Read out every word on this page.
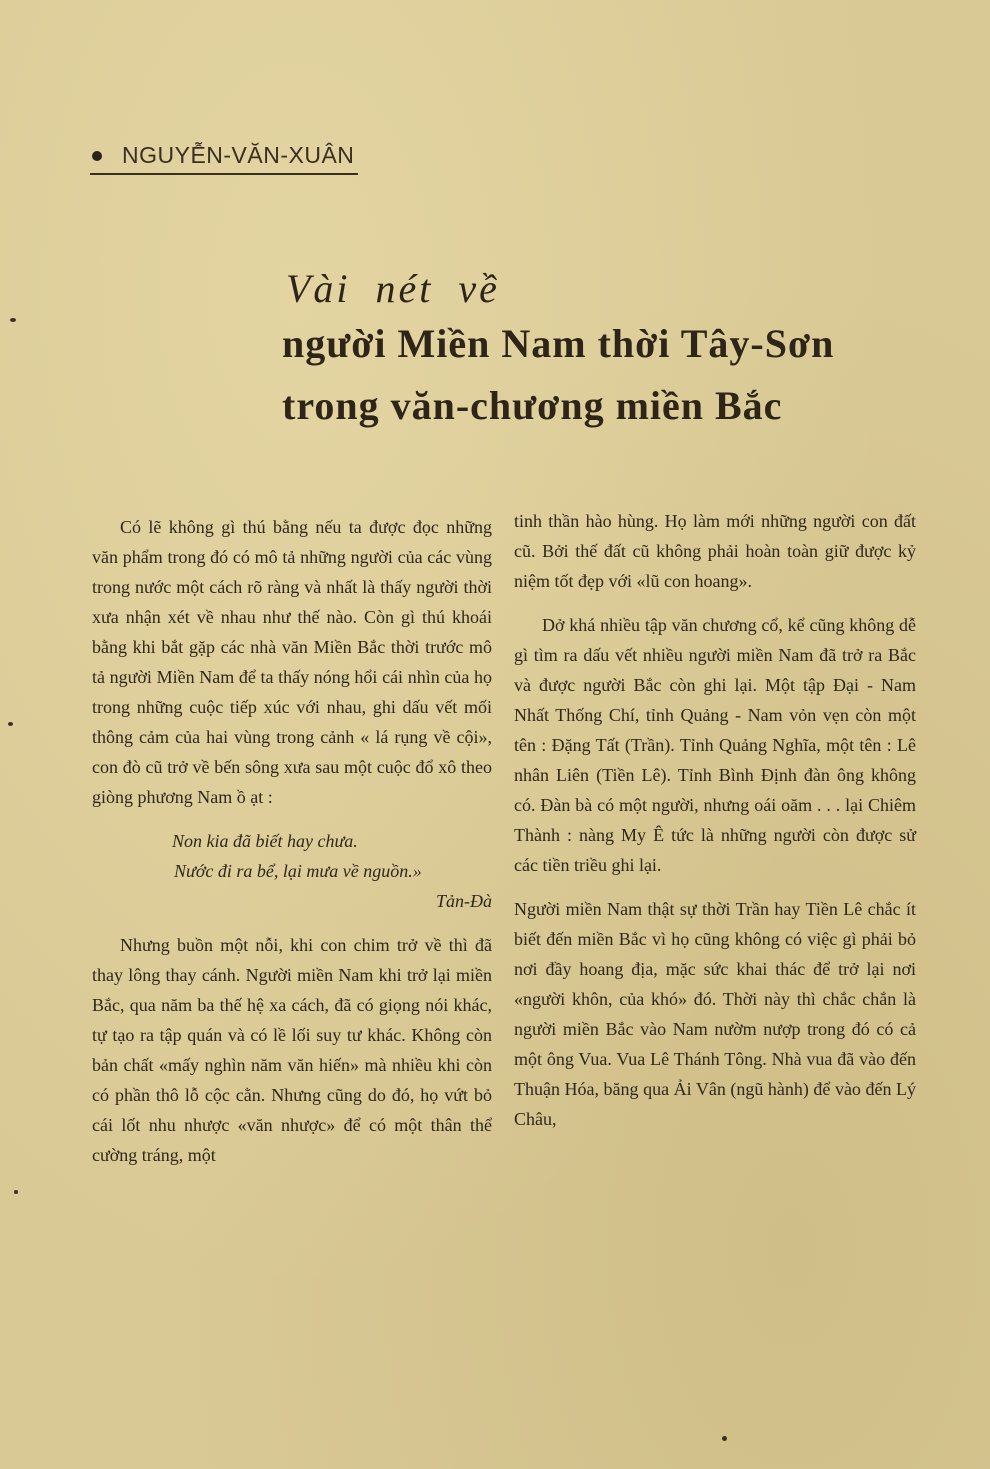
NGUYỄN-VĂN-XUÂN
Vài nét về
người Miền Nam thời Tây-Sơn
trong văn-chương miền Bắc

Có lẽ không gì thú bằng nếu ta được đọc những văn phẩm trong đó có mô tả những người của các vùng trong nước một cách rõ ràng và nhất là thấy người thời xưa nhận xét về nhau như thế nào. Còn gì thú khoái bằng khi bắt gặp các nhà văn Miền Bắc thời trước mô tả người Miền Nam để ta thấy nóng hổi cái nhìn của họ trong những cuộc tiếp xúc với nhau, ghi dấu vết mối thông cảm của hai vùng trong cảnh « lá rụng về cội», con đò cũ trở về bến sông xưa sau một cuộc đổ xô theo giòng phương Nam ồ ạt :

Non kia đã biết hay chưa.
Nước đi ra bể, lại mưa về nguồn.»
Tản-Đà

Nhưng buồn một nỗi, khi con chim trở về thì đã thay lông thay cánh. Người miền Nam khi trở lại miền Bắc, qua năm ba thế hệ xa cách, đã có giọng nói khác, tự tạo ra tập quán và có lề lối suy tư khác. Không còn bản chất «mấy nghìn năm văn hiến» mà nhiều khi còn có phần thô lỗ cộc cằn. Nhưng cũng do đó, họ vứt bỏ cái lốt nhu nhược «văn nhược» để có một thân thể cường tráng, một

tinh thần hào hùng. Họ làm mới những người con đất cũ. Bởi thế đất cũ không phải hoàn toàn giữ được kỷ niệm tốt đẹp với «lũ con hoang».

Dở khá nhiều tập văn chương cổ, kể cũng không dễ gì tìm ra dấu vết nhiều người miền Nam đã trở ra Bắc và được người Bắc còn ghi lại. Một tập Đại - Nam Nhất Thống Chí, tỉnh Quảng - Nam vỏn vẹn còn một tên : Đặng Tất (Trần). Tỉnh Quảng Nghĩa, một tên : Lê nhân Liên (Tiền Lê). Tỉnh Bình Định đàn ông không có. Đàn bà có một người, nhưng oái oăm . . . lại Chiêm Thành : nàng My Ê tức là những người còn được sử các tiền triều ghi lại.

Người miền Nam thật sự thời Trần hay Tiền Lê chắc ít biết đến miền Bắc vì họ cũng không có việc gì phải bỏ nơi đầy hoang địa, mặc sức khai thác để trở lại nơi «người khôn, của khó» đó. Thời này thì chắc chắn là người miền Bắc vào Nam nườm nượp trong đó có cả một ông Vua. Vua Lê Thánh Tông. Nhà vua đã vào đến Thuận Hóa, băng qua Ải Vân (ngũ hành) để vào đến Lý Châu,
